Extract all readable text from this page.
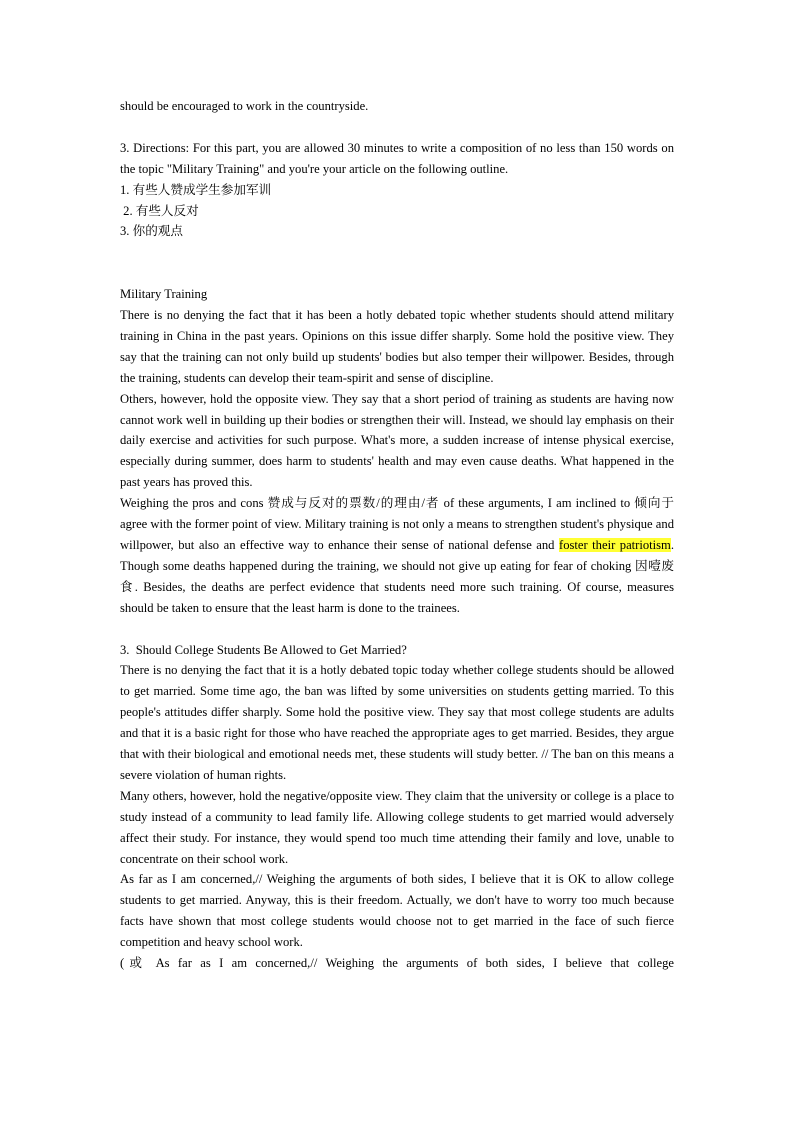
should be encouraged to work in the countryside.

3. Directions: For this part, you are allowed 30 minutes to write a composition of no less than 150 words on the topic "Military Training" and you're your article on the following outline.

1. 有些人赞成学生参加军训

2. 有些人反对

3. 你的观点

Military Training

There is no denying the fact that it has been a hotly debated topic whether students should attend military training in China in the past years. Opinions on this issue differ sharply. Some hold the positive view. They say that the training can not only build up students' bodies but also temper their willpower. Besides, through the training, students can develop their team-spirit and sense of discipline.

Others, however, hold the opposite view. They say that a short period of training as students are having now cannot work well in building up their bodies or strengthen their will. Instead, we should lay emphasis on their daily exercise and activities for such purpose. What's more, a sudden increase of intense physical exercise, especially during summer, does harm to students' health and may even cause deaths. What happened in the past years has proved this.

Weighing the pros and cons 赞成与反对的票数/的理由/者 of these arguments, I am inclined to 倾向于 agree with the former point of view. Military training is not only a means to strengthen student's physique and willpower, but also an effective way to enhance their sense of national defense and foster their patriotism. Though some deaths happened during the training, we should not give up eating for fear of choking 因噎废食. Besides, the deaths are perfect evidence that students need more such training. Of course, measures should be taken to ensure that the least harm is done to the trainees.

3.  Should College Students Be Allowed to Get Married?

There is no denying the fact that it is a hotly debated topic today whether college students should be allowed to get married. Some time ago, the ban was lifted by some universities on students getting married. To this people's attitudes differ sharply. Some hold the positive view. They say that most college students are adults and that it is a basic right for those who have reached the appropriate ages to get married. Besides, they argue that with their biological and emotional needs met, these students will study better. // The ban on this means a severe violation of human rights.

Many others, however, hold the negative/opposite view. They claim that the university or college is a place to study instead of a community to lead family life. Allowing college students to get married would adversely affect their study. For instance, they would spend too much time attending their family and love, unable to concentrate on their school work.

As far as I am concerned,// Weighing the arguments of both sides, I believe that it is OK to allow college students to get married. Anyway, this is their freedom. Actually, we don't have to worry too much because facts have shown that most college students would choose not to get married in the face of such fierce competition and heavy school work.

(或 As far as I am concerned,// Weighing the arguments of both sides, I believe that college
